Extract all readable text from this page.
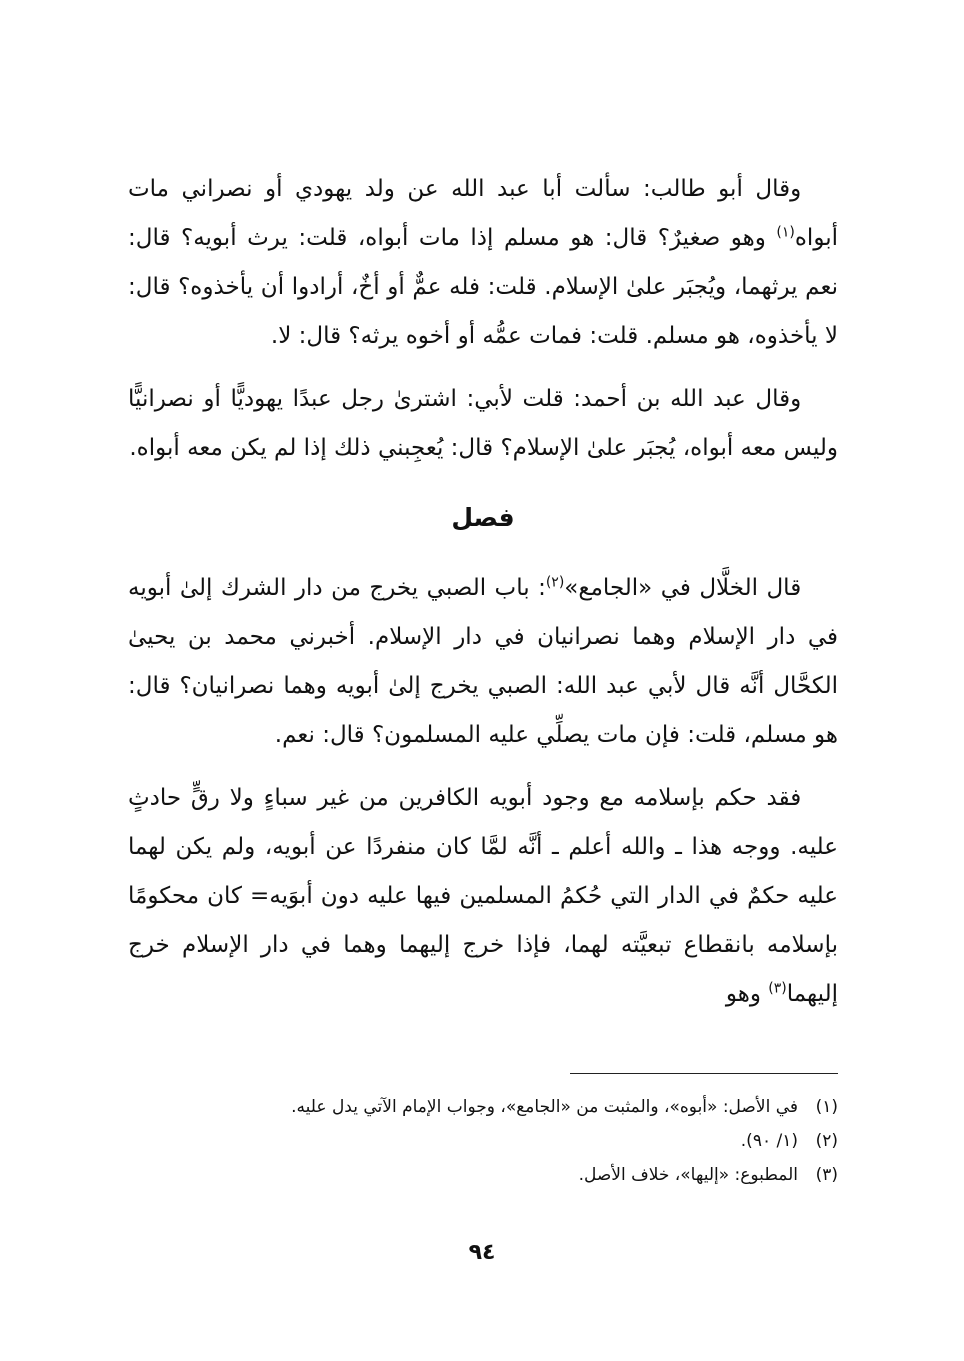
وقال أبو طالب: سألت أبا عبد الله عن ولد يهودي أو نصراني مات أبواه$^{(١)}$ وهو صغيرٌ؟ قال: هو مسلم إذا مات أبواه، قلت: يرث أبويه؟ قال: نعم يرثهما، ويُجبَر علىٰ الإسلام. قلت: فله عمٌّ أو أخٌ، أرادوا أن يأخذوه؟ قال: لا يأخذوه، هو مسلم. قلت: فمات عمُّه أو أخوه يرثه؟ قال: لا.

وقال عبد الله بن أحمد: قلت لأبي: اشترىٰ رجل عبدًا يهوديًّا أو نصرانيًّا وليس معه أبواه، يُجبَر علىٰ الإسلام؟ قال: يُعجِبني ذلك إذا لم يكن معه أبواه.

فصل

قال الخلَّال في «الجامع»$^{(٢)}$: باب الصبي يخرج من دار الشرك إلىٰ أبويه في دار الإسلام وهما نصرانيان في دار الإسلام. أخبرني محمد بن يحيىٰ الكحَّال أنَّه قال لأبي عبد الله: الصبي يخرج إلىٰ أبويه وهما نصرانيان؟ قال: هو مسلم، قلت: فإن مات يصلِّي عليه المسلمون؟ قال: نعم.

فقد حكم بإسلامه مع وجود أبويه الكافرين من غير سباءٍ ولا رقٍّ حادثٍ عليه. ووجه هذا ـ والله أعلم ـ أنَّه لمَّا كان منفردًا عن أبويه، ولم يكن لهما عليه حكمٌ في الدار التي حُكمُ المسلمين فيها عليه دون أبوَيه= كان محكومًا بإسلامه بانقطاع تبعيَّته لهما، فإذا خرج إليهما وهما في دار الإسلام خرج إليهما$^{(٣)}$ وهو

(١)
في الأصل: «أبوه»، والمثبت من «الجامع»، وجواب الإمام الآتي يدل عليه.
(٢)
(١/ ٩٠).
(٣)
المطبوع: «إليها»، خلاف الأصل.
٩٤
